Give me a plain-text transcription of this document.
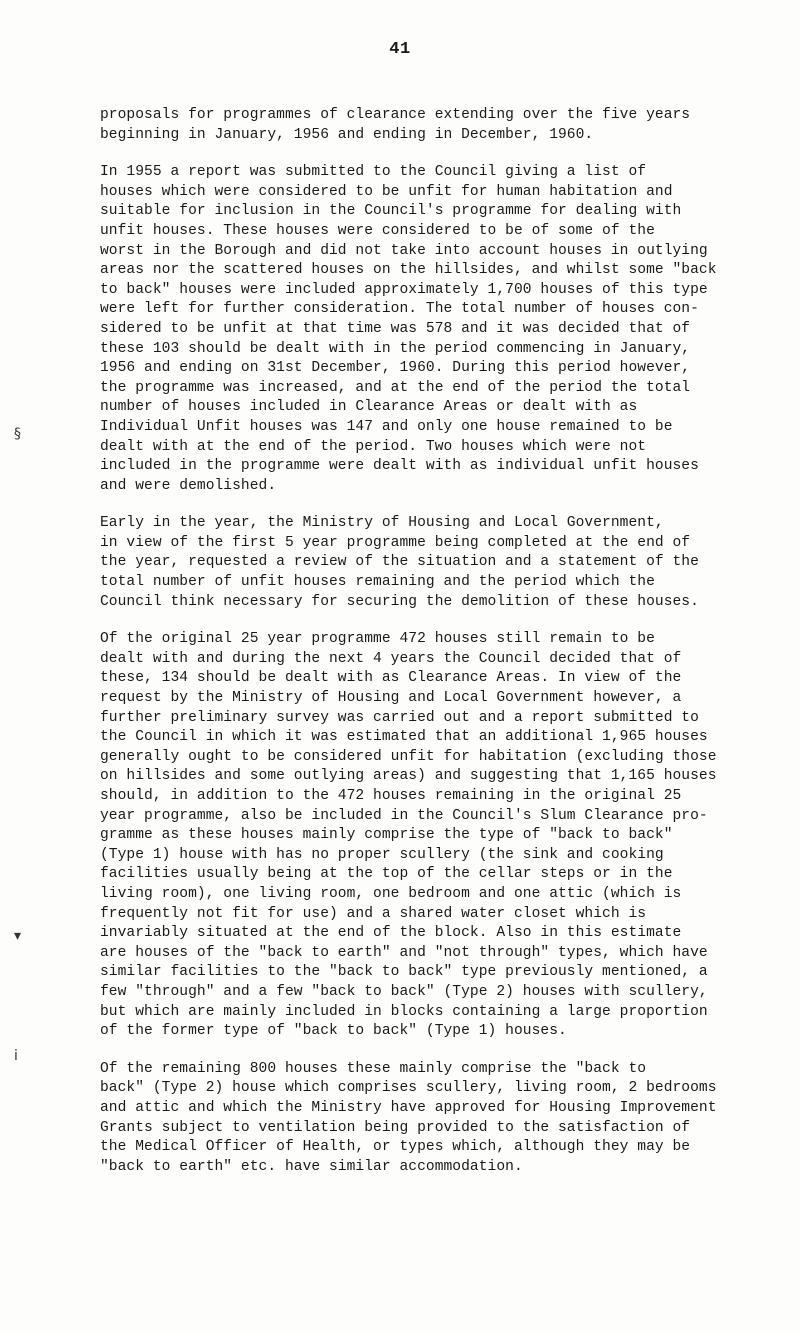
41
§
▾
ⅰ

proposals for programmes of clearance extending over the five years
beginning in January, 1956 and ending in December, 1960.

In 1955 a report was submitted to the Council giving a list of
houses which were considered to be unfit for human habitation and
suitable for inclusion in the Council's programme for dealing with
unfit houses. These houses were considered to be of some of the
worst in the Borough and did not take into account houses in outlying
areas nor the scattered houses on the hillsides, and whilst some "back
to back" houses were included approximately 1,700 houses of this type
were left for further consideration. The total number of houses con-
sidered to be unfit at that time was 578 and it was decided that of
these 103 should be dealt with in the period commencing in January,
1956 and ending on 31st December, 1960. During this period however,
the programme was increased, and at the end of the period the total
number of houses included in Clearance Areas or dealt with as
Individual Unfit houses was 147 and only one house remained to be
dealt with at the end of the period. Two houses which were not
included in the programme were dealt with as individual unfit houses
and were demolished.

Early in the year, the Ministry of Housing and Local Government,
in view of the first 5 year programme being completed at the end of
the year, requested a review of the situation and a statement of the
total number of unfit houses remaining and the period which the
Council think necessary for securing the demolition of these houses.

Of the original 25 year programme 472 houses still remain to be
dealt with and during the next 4 years the Council decided that of
these, 134 should be dealt with as Clearance Areas. In view of the
request by the Ministry of Housing and Local Government however, a
further preliminary survey was carried out and a report submitted to
the Council in which it was estimated that an additional 1,965 houses
generally ought to be considered unfit for habitation (excluding those
on hillsides and some outlying areas) and suggesting that 1,165 houses
should, in addition to the 472 houses remaining in the original 25
year programme, also be included in the Council's Slum Clearance pro-
gramme as these houses mainly comprise the type of "back to back"
(Type 1) house with has no proper scullery (the sink and cooking
facilities usually being at the top of the cellar steps or in the
living room), one living room, one bedroom and one attic (which is
frequently not fit for use) and a shared water closet which is
invariably situated at the end of the block. Also in this estimate
are houses of the "back to earth" and "not through" types, which have
similar facilities to the "back to back" type previously mentioned, a
few "through" and a few "back to back" (Type 2) houses with scullery,
but which are mainly included in blocks containing a large proportion
of the former type of "back to back" (Type 1) houses.

Of the remaining 800 houses these mainly comprise the "back to
back" (Type 2) house which comprises scullery, living room, 2 bedrooms
and attic and which the Ministry have approved for Housing Improvement
Grants subject to ventilation being provided to the satisfaction of
the Medical Officer of Health, or types which, although they may be
"back to earth" etc. have similar accommodation.
